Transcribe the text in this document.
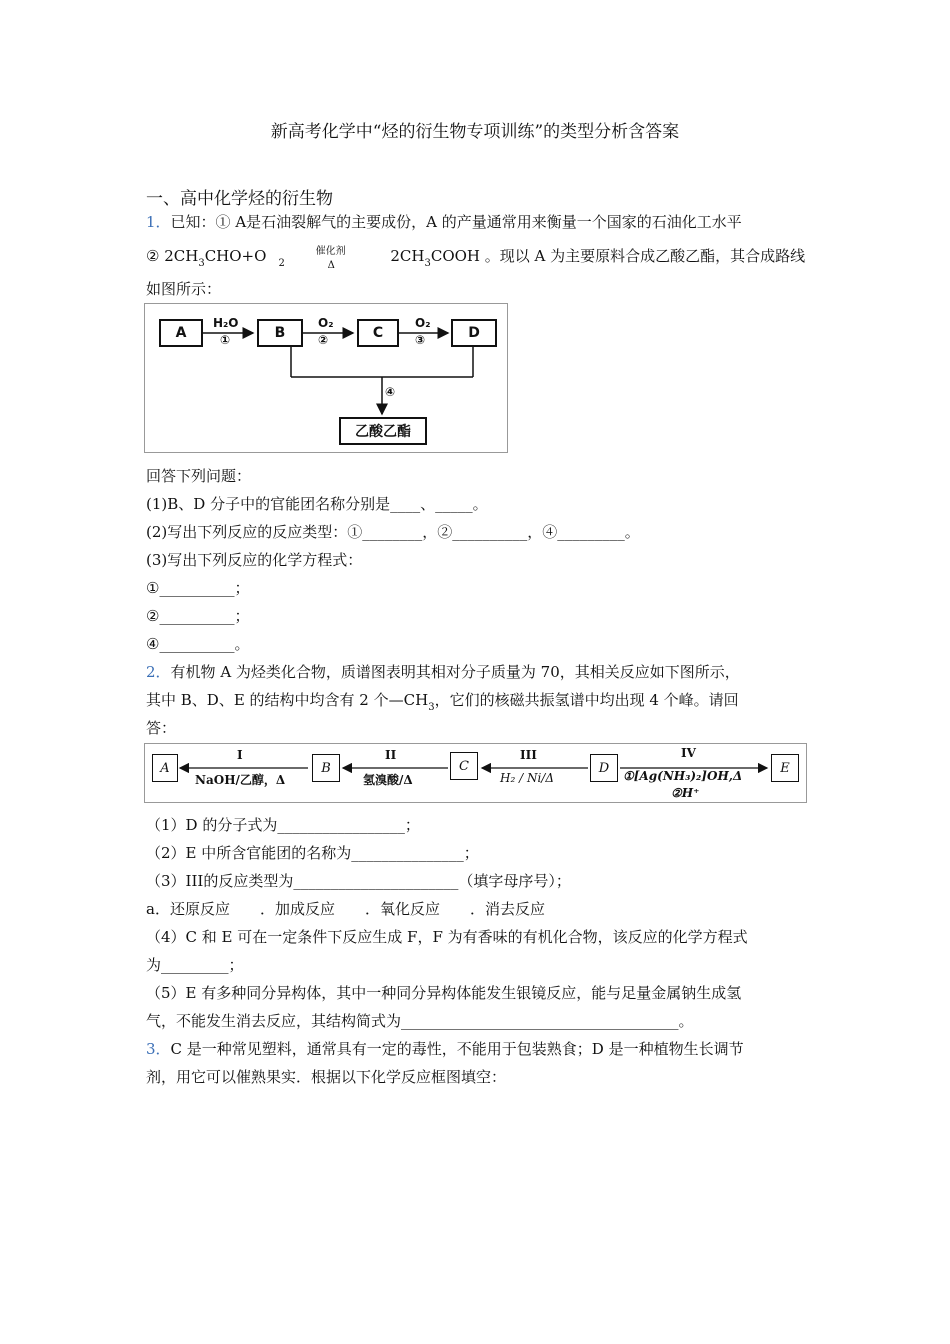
新高考化学中“烃的衍生物专项训练”的类型分析含答案
一、高中化学烃的衍生物
1．已知：① A是石油裂解气的主要成份，A 的产量通常用来衡量一个国家的石油化工水平
② $2CH_3CHO+O$ $_2$
催化剂
Δ
$2CH_3COOH$ 。现以 A 为主要原料合成乙酸乙酯，其合成路线
如图所示：
A	B	C	D
H₂O
①
O₂
②
O₂
③
④
乙酸乙酯
回答下列问题：
(1)B、D 分子中的官能团名称分别是____、_____。
(2)写出下列反应的反应类型：①________，②__________，④_________。
(3)写出下列反应的化学方程式：
①__________；
②__________；
④__________。
2．有机物 A 为烃类化合物，质谱图表明其相对分子质量为 70，其相关反应如下图所示，
其中 B、D、E 的结构中均含有 2 个$—CH_3$，它们的核磁共振氢谱中均出现 4 个峰。请回
答：
A	B	C	D	E
I
NaOH/乙醇，Δ
II
氢溴酸/Δ
III
H₂ / Ni/Δ
IV
①[Ag(NH₃)₂]OH,Δ
②H⁺
（1）D 的分子式为_________________；
（2）E 中所含官能团的名称为_______________；
（3）III的反应类型为______________________（填字母序号）；
a．还原反应　　．加成反应　　．氧化反应　　．消去反应
（4）C 和 E 可在一定条件下反应生成 F，F 为有香味的有机化合物，该反应的化学方程式
为_________；
（5）E 有多种同分异构体，其中一种同分异构体能发生银镜反应，能与足量金属钠生成氢
气，不能发生消去反应，其结构简式为_____________________________________。
3．C 是一种常见塑料，通常具有一定的毒性，不能用于包装熟食；D 是一种植物生长调节
剂，用它可以催熟果实．根据以下化学反应框图填空：
